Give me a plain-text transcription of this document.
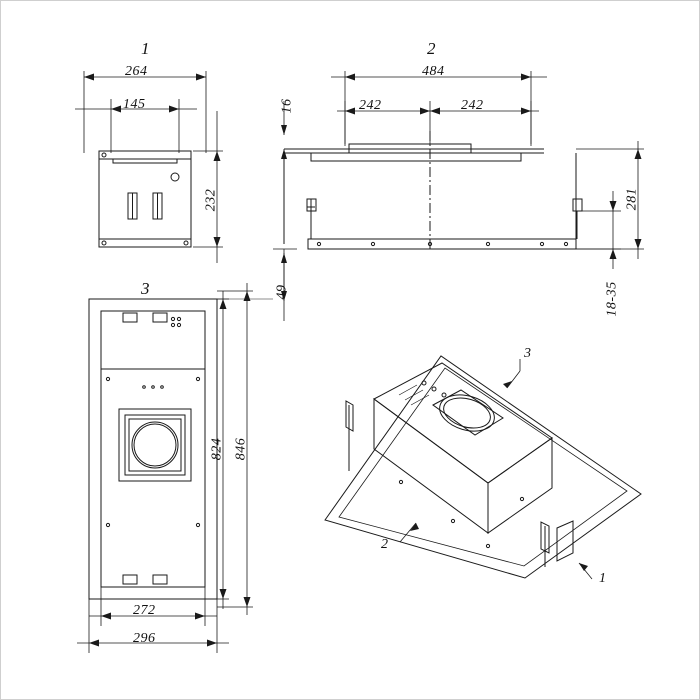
1	2
3
264
145
232
484
242	242
16
49
281
18-35
824 846
272
296
3
2
1
